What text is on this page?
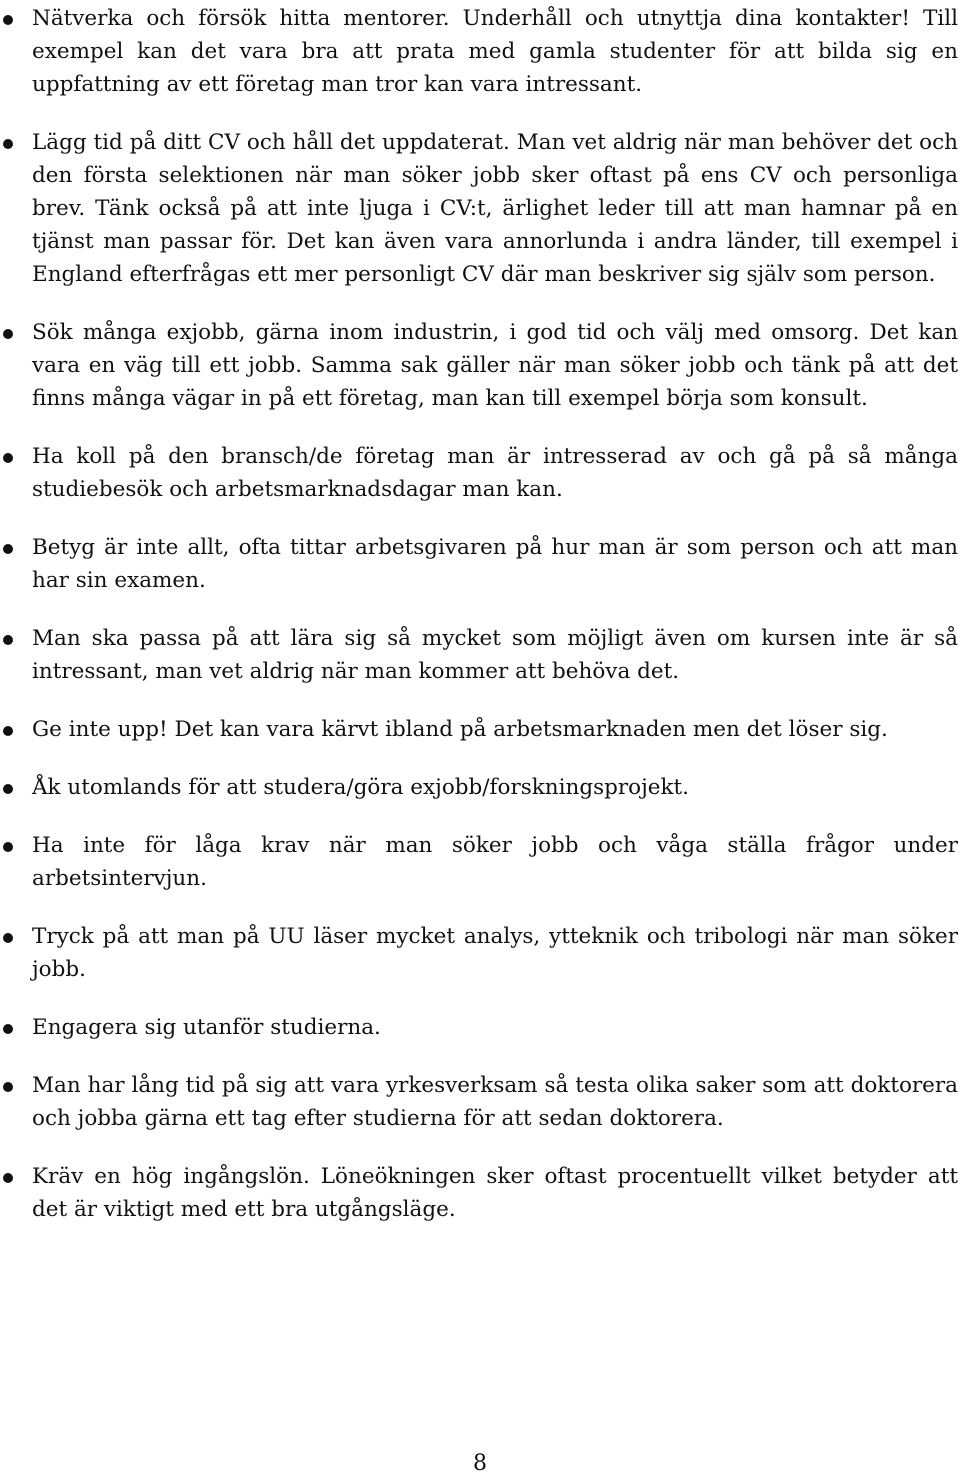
Nätverka och försök hitta mentorer. Underhåll och utnyttja dina kontakter! Till exempel kan det vara bra att prata med gamla studenter för att bilda sig en uppfattning av ett företag man tror kan vara intressant.
Lägg tid på ditt CV och håll det uppdaterat. Man vet aldrig när man behöver det och den första selektionen när man söker jobb sker oftast på ens CV och personliga brev. Tänk också på att inte ljuga i CV:t, ärlighet leder till att man hamnar på en tjänst man passar för. Det kan även vara annorlunda i andra länder, till exempel i England efterfrågas ett mer personligt CV där man beskriver sig själv som person.
Sök många exjobb, gärna inom industrin, i god tid och välj med omsorg. Det kan vara en väg till ett jobb. Samma sak gäller när man söker jobb och tänk på att det finns många vägar in på ett företag, man kan till exempel börja som konsult.
Ha koll på den bransch/de företag man är intresserad av och gå på så många studiebesök och arbetsmarknadsdagar man kan.
Betyg är inte allt, ofta tittar arbetsgivaren på hur man är som person och att man har sin examen.
Man ska passa på att lära sig så mycket som möjligt även om kursen inte är så intressant, man vet aldrig när man kommer att behöva det.
Ge inte upp! Det kan vara kärvt ibland på arbetsmarknaden men det löser sig.
Åk utomlands för att studera/göra exjobb/forskningsprojekt.
Ha inte för låga krav när man söker jobb och våga ställa frågor under arbetsintervjun.
Tryck på att man på UU läser mycket analys, ytteknik och tribologi när man söker jobb.
Engagera sig utanför studierna.
Man har lång tid på sig att vara yrkesverksam så testa olika saker som att doktorera och jobba gärna ett tag efter studierna för att sedan doktorera.
Kräv en hög ingångslön. Löneökningen sker oftast procentuellt vilket betyder att det är viktigt med ett bra utgångsläge.
8
